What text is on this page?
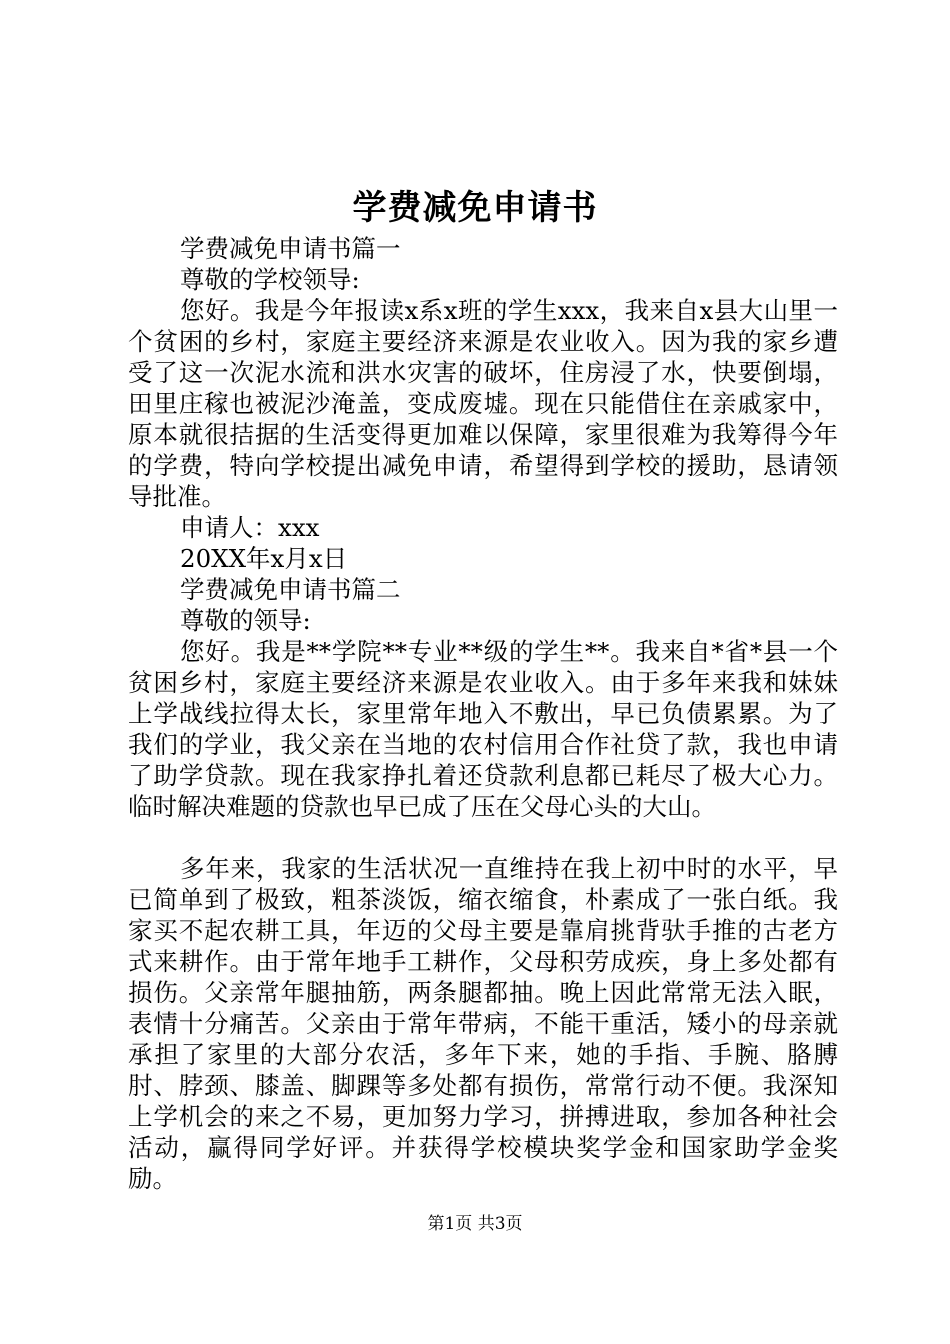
学费减免申请书

学费减免申请书篇一

尊敬的学校领导:

您好。我是今年报读x系x班的学生xxx，我来自x县大山里一个贫困的乡村，家庭主要经济来源是农业收入。因为我的家乡遭受了这一次泥水流和洪水灾害的破坏，住房浸了水，快要倒塌，田里庄稼也被泥沙淹盖，变成废墟。现在只能借住在亲戚家中，原本就很拮据的生活变得更加难以保障，家里很难为我筹得今年的学费，特向学校提出减免申请，希望得到学校的援助，恳请领导批准。

申请人：xxx

20XX年x月x日

学费减免申请书篇二

尊敬的领导:

您好。我是**学院**专业**级的学生**。我来自*省*县一个贫困乡村，家庭主要经济来源是农业收入。由于多年来我和妹妹上学战线拉得太长，家里常年地入不敷出，早已负债累累。为了我们的学业，我父亲在当地的农村信用合作社贷了款，我也申请了助学贷款。现在我家挣扎着还贷款利息都已耗尽了极大心力。临时解决难题的贷款也早已成了压在父母心头的大山。

多年来，我家的生活状况一直维持在我上初中时的水平，早已简单到了极致，粗茶淡饭，缩衣缩食，朴素成了一张白纸。我家买不起农耕工具，年迈的父母主要是靠肩挑背驮手推的古老方式来耕作。由于常年地手工耕作，父母积劳成疾，身上多处都有损伤。父亲常年腿抽筋，两条腿都抽。晚上因此常常无法入眠，表情十分痛苦。父亲由于常年带病，不能干重活，矮小的母亲就承担了家里的大部分农活，多年下来，她的手指、手腕、胳膊肘、脖颈、膝盖、脚踝等多处都有损伤，常常行动不便。我深知上学机会的来之不易，更加努力学习，拼搏进取，参加各种社会活动，赢得同学好评。并获得学校模块奖学金和国家助学金奖励。

第1页 共3页
